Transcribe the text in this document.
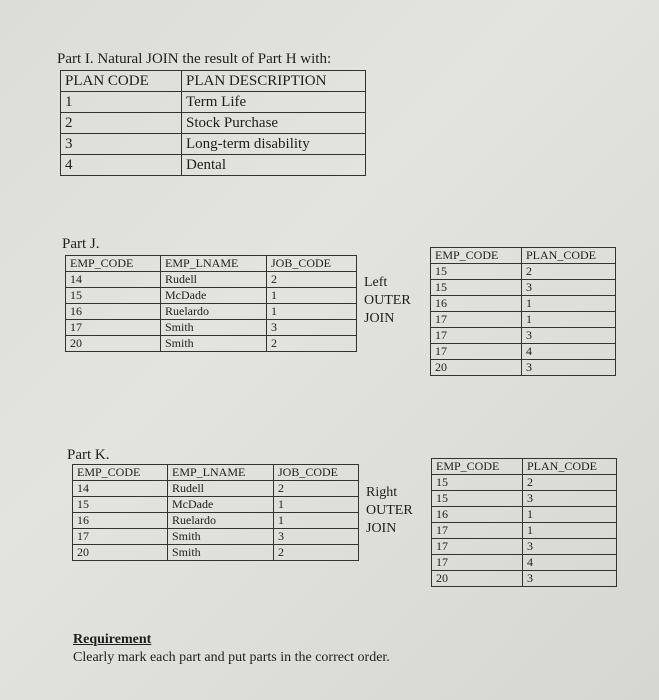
Part I. Natural JOIN the result of Part H with:
PLAN CODE	PLAN DESCRIPTION
1	Term Life
2	Stock Purchase
3	Long-term disability
4	Dental
Part J.
EMP_CODE	EMP_LNAME	JOB_CODE
14	Rudell	2
15	McDade	1
16	Ruelardo	1
17	Smith	3
20	Smith	2
Left
OUTER
JOIN
EMP_CODE	PLAN_CODE
15	2
15	3
16	1
17	1
17	3
17	4
20	3
Part K.
EMP_CODE	EMP_LNAME	JOB_CODE
14	Rudell	2
15	McDade	1
16	Ruelardo	1
17	Smith	3
20	Smith	2
Right
OUTER
JOIN
EMP_CODE	PLAN_CODE
15	2
15	3
16	1
17	1
17	3
17	4
20	3
Requirement
Clearly mark each part and put parts in the correct order.
